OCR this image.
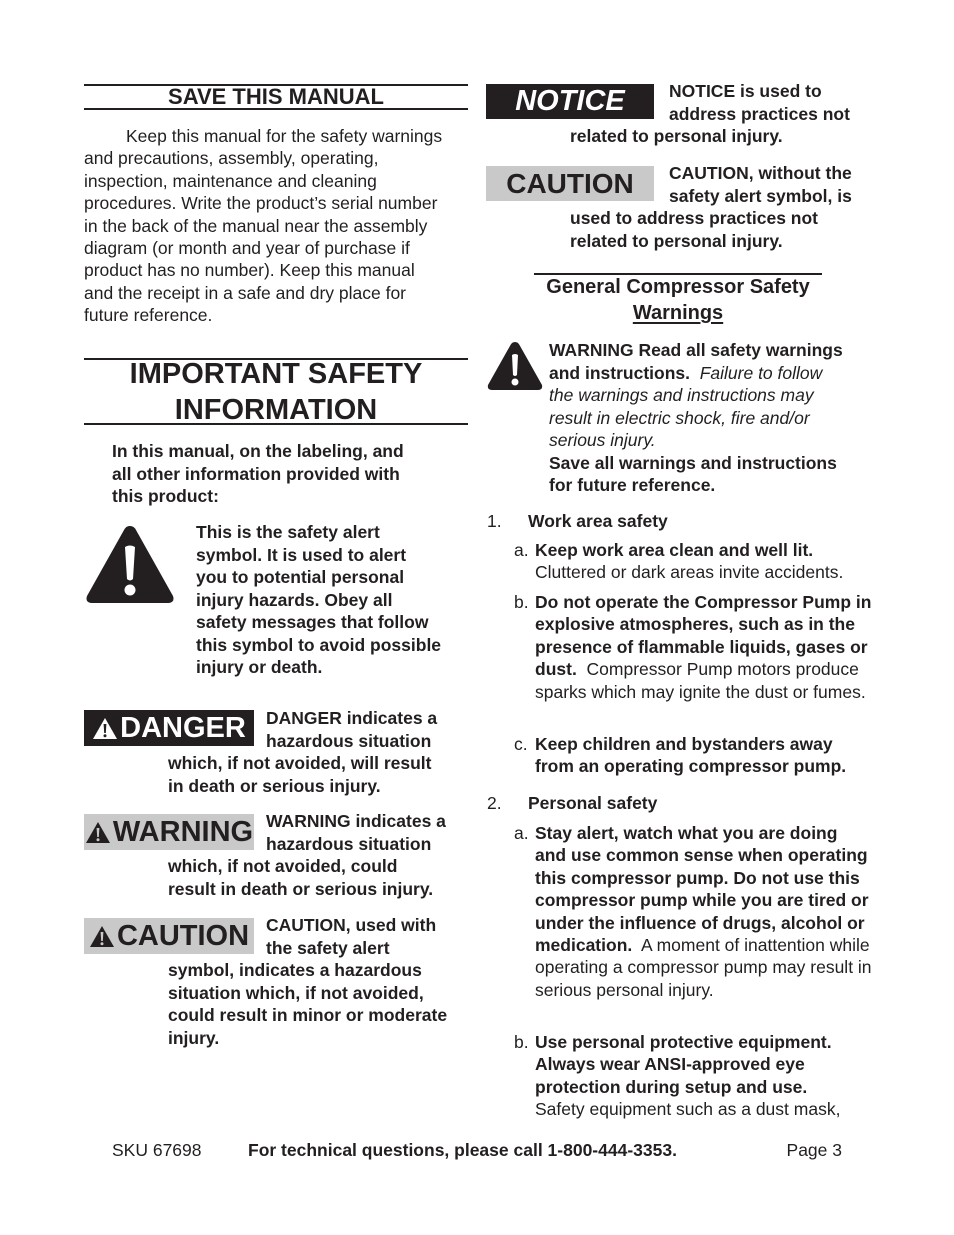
SAVE THIS MANUAL
Keep this manual for the safety warnings
and precautions, assembly, operating,
inspection, maintenance and cleaning
procedures. Write the product’s serial number
in the back of the manual near the assembly
diagram (or month and year of purchase if
product has no number). Keep this manual
and the receipt in a safe and dry place for
future reference.
IMPORTANT SAFETY
INFORMATION
In this manual, on the labeling, and
all other information provided with
this product:
This is the safety alert
symbol. It is used to alert
you to potential personal
injury hazards. Obey all
safety messages that follow
this symbol to avoid possible
injury or death.
DANGER DANGER indicates a
hazardous situation
which, if not avoided, will result
in death or serious injury.
WARNING WARNING indicates a
hazardous situation
which, if not avoided, could
result in death or serious injury.
CAUTION CAUTION, used with
the safety alert
symbol, indicates a hazardous
situation which, if not avoided,
could result in minor or moderate
injury.
NOTICE	NOTICE is used to
address practices not
related to personal injury.
CAUTION	CAUTION, without the
safety alert symbol, is
used to address practices not
related to personal injury.
General Compressor Safety
Warnings
WARNING Read all safety warnings
and instructions. Failure to follow
the warnings and instructions may
result in electric shock, fire and/or
serious injury.
Save all warnings and instructions
for future reference.
1. Work area safety
a. Keep work area clean and well lit.
Cluttered or dark areas invite accidents.
b. Do not operate the Compressor Pump in explosive atmospheres, such as in the presence of flammable liquids, gases or dust. Compressor Pump motors produce sparks which may ignite the dust or fumes.
c. Keep children and bystanders away from an operating compressor pump.
2. Personal safety
a. Stay alert, watch what you are doing and use common sense when operating this compressor pump. Do not use this compressor pump while you are tired or under the influence of drugs, alcohol or medication. A moment of inattention while operating a compressor pump may result in serious personal injury.
b. Use personal protective equipment. Always wear ANSI-approved eye protection during setup and use.
Safety equipment such as a dust mask,
SKU 67698	For technical questions, please call 1-800-444-3353.	Page 3
